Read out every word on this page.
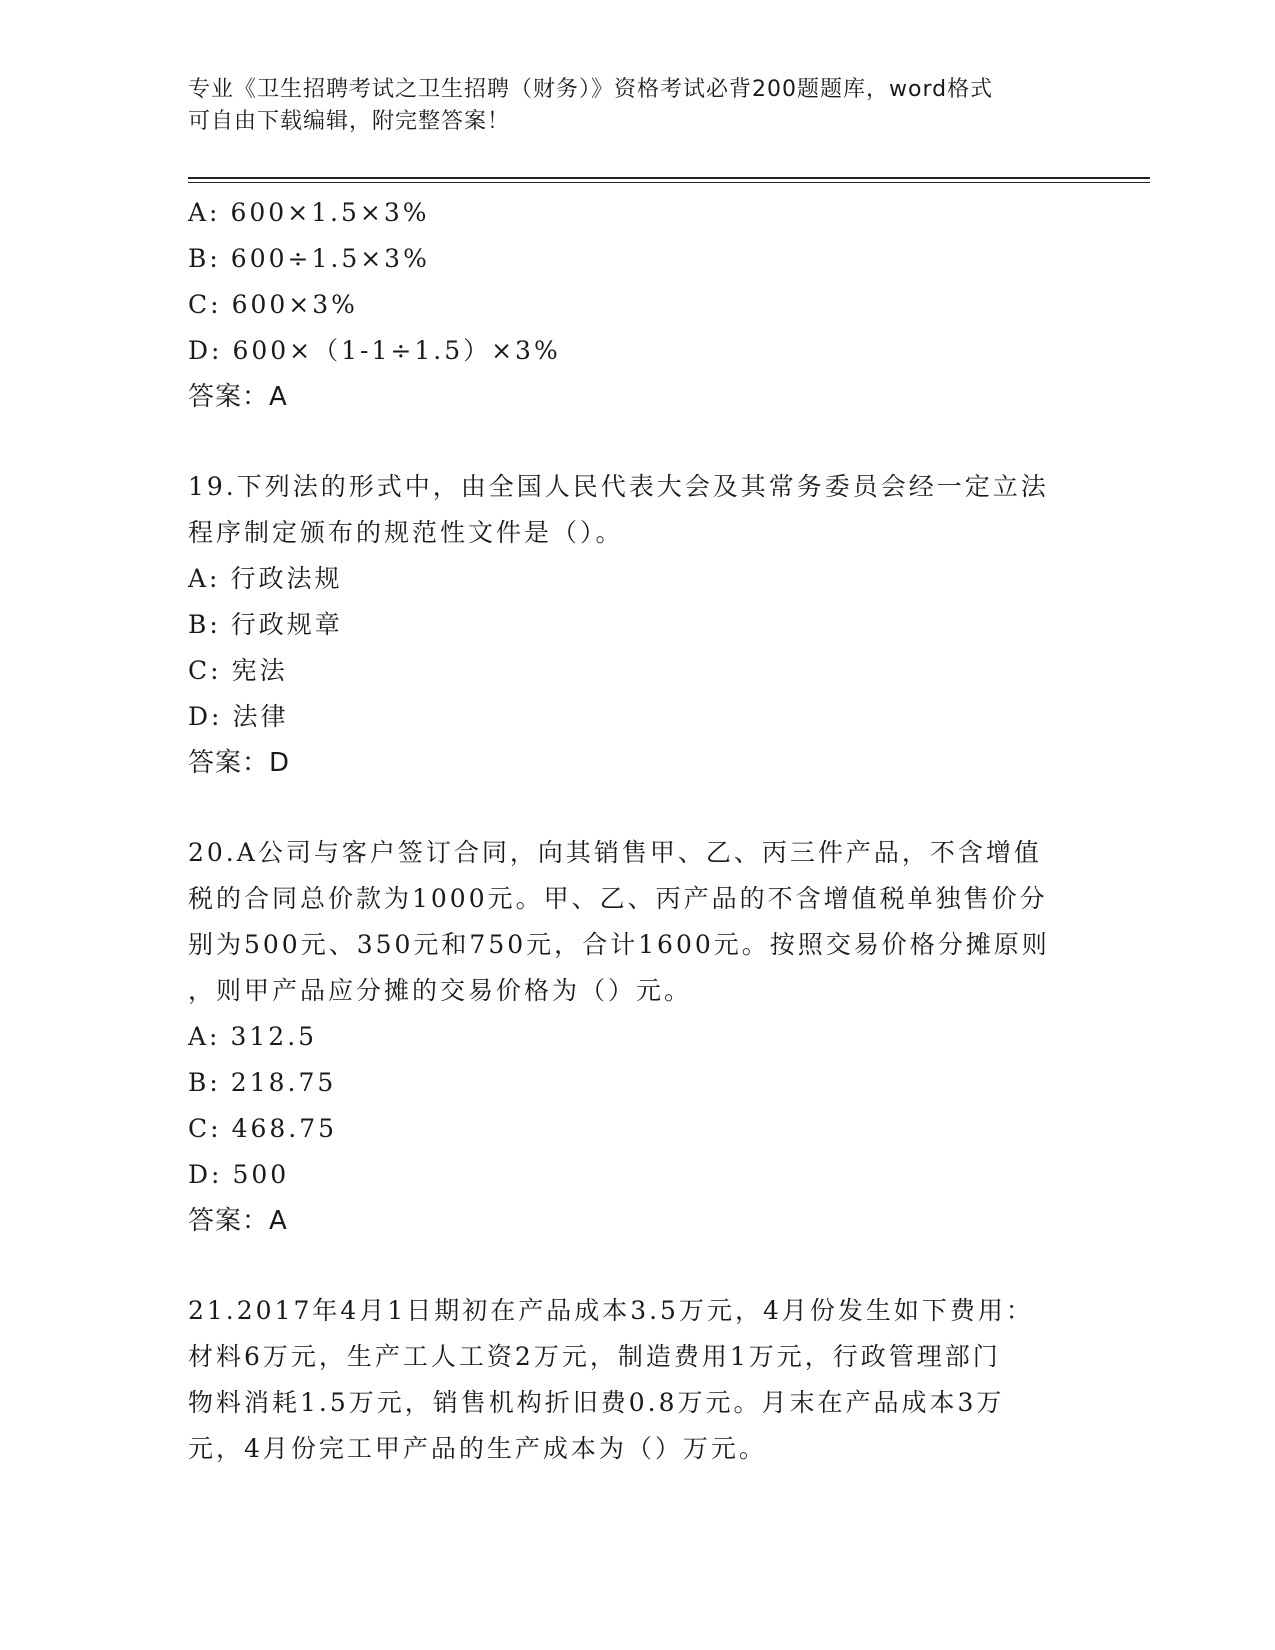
专业《卫生招聘考试之卫生招聘（财务）》资格考试必背200题题库，word格式
可自由下载编辑，附完整答案！
A: 600×1.5×3%
B: 600÷1.5×3%
C: 600×3%
D: 600×（1-1÷1.5）×3%
答案：A
19.下列法的形式中，由全国人民代表大会及其常务委员会经一定立法
程序制定颁布的规范性文件是（）。
A: 行政法规
B: 行政规章
C: 宪法
D: 法律
答案：D
20.A公司与客户签订合同，向其销售甲、乙、丙三件产品，不含增值
税的合同总价款为1000元。甲、乙、丙产品的不含增值税单独售价分
别为500元、350元和750元，合计1600元。按照交易价格分摊原则
，则甲产品应分摊的交易价格为（）元。
A: 312.5
B: 218.75
C: 468.75
D: 500
答案：A
21.2017年4月1日期初在产品成本3.5万元，4月份发生如下费用：
材料6万元，生产工人工资2万元，制造费用1万元，行政管理部门
物料消耗1.5万元，销售机构折旧费0.8万元。月末在产品成本3万
元，4月份完工甲产品的生产成本为（）万元。
